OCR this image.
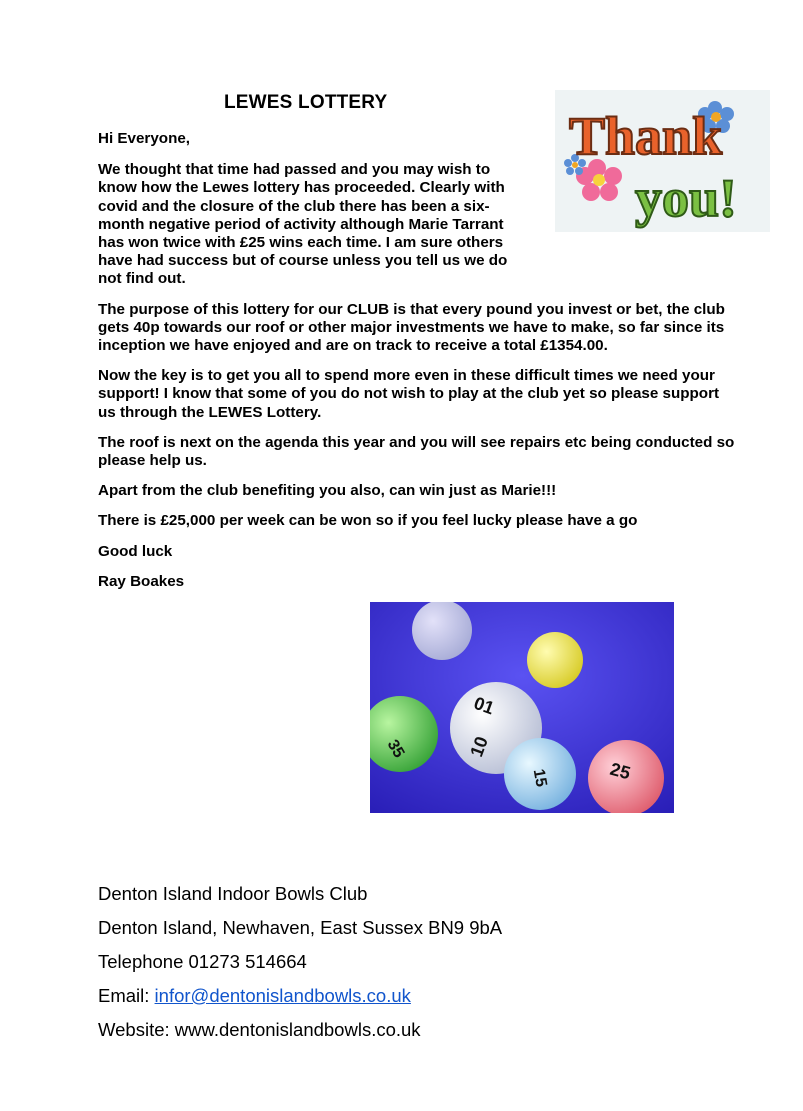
LEWES LOTTERY
Thank
you!

Hi Everyone,

We thought that time had passed and you may wish to know how the Lewes lottery has proceeded. Clearly with covid and the closure of the club there has been a six-month negative period of activity although Marie Tarrant has won twice with £25 wins each time. I am sure others have had success but of course unless you tell us we do not find out.

The purpose of this lottery for our CLUB is that every pound you invest or bet, the club gets 40p towards our roof or other major investments we have to make, so far since its inception we have enjoyed and are on track to receive a total £1354.00.

Now the key is to get you all to spend more even in these difficult times we need your support! I know that some of you do not wish to play at the club yet so please support us through the LEWES Lottery.

The roof is next on the agenda this year and you will see repairs etc being conducted so please help us.

Apart from the club benefiting you also, can win just as Marie!!!

There is £25,000 per week can be won so if you feel lucky please have a go

Good luck

Ray Boakes

35
01
10
15	25
Denton Island Indoor Bowls Club
Denton Island, Newhaven, East Sussex BN9 9bA
Telephone 01273 514664
Email: infor@dentonislandbowls.co.uk
Website: www.dentonislandbowls.co.uk
